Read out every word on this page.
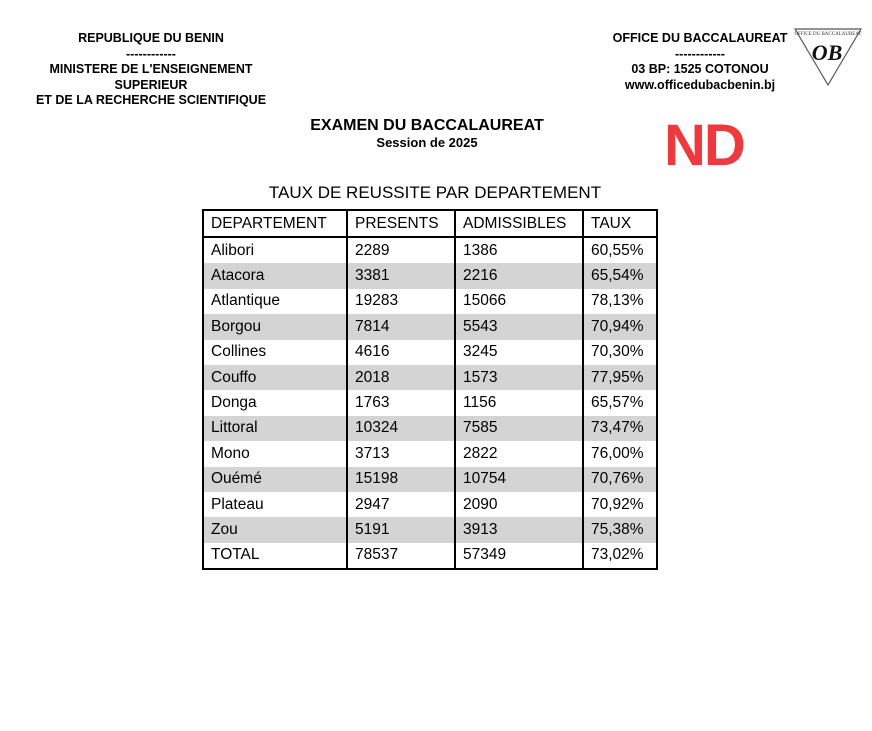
REPUBLIQUE DU BENIN
------------
MINISTERE DE L'ENSEIGNEMENT
SUPERIEUR
ET DE LA RECHERCHE SCIENTIFIQUE
OFFICE DU BACCALAUREAT
------------
03 BP: 1525 COTONOU
www.officedubacbenin.bj
OFFICE DU BACCALAUREAT
OB
EXAMEN DU BACCALAUREAT
Session de 2025	ND
TAUX DE REUSSITE PAR DEPARTEMENT
DEPARTEMENT	PRESENTS	ADMISSIBLES	TAUX
Alibori	2289	1386	60,55%
Atacora	3381	2216	65,54%
Atlantique	19283	15066	78,13%
Borgou	7814	5543	70,94%
Collines	4616	3245	70,30%
Couffo	2018	1573	77,95%
Donga	1763	1156	65,57%
Littoral	10324	7585	73,47%
Mono	3713	2822	76,00%
Ouémé	15198	10754	70,76%
Plateau	2947	2090	70,92%
Zou	5191	3913	75,38%
TOTAL	78537	57349	73,02%
